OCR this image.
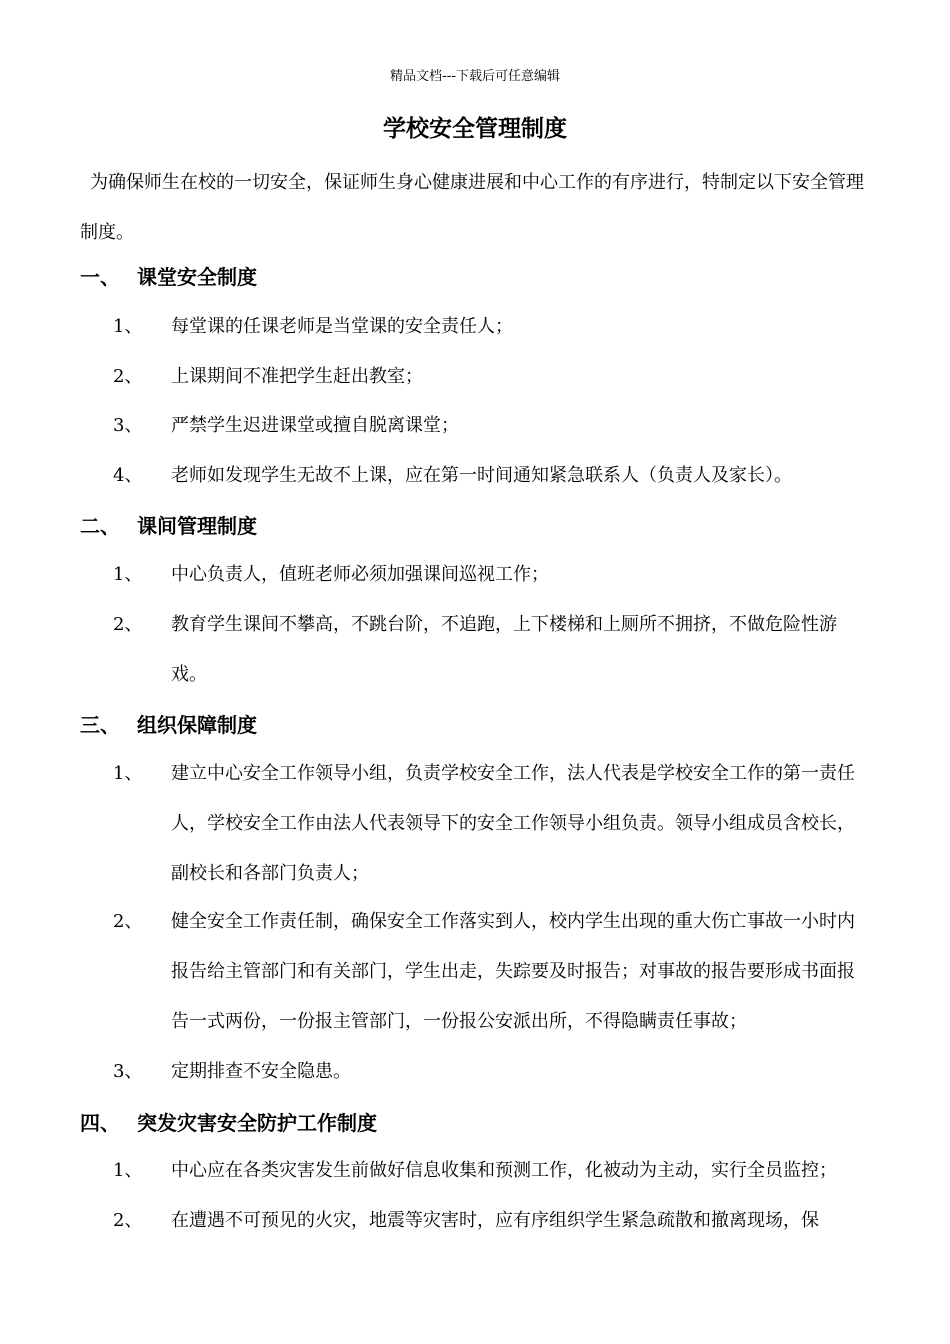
精品文档---下载后可任意编辑
学校安全管理制度
为确保师生在校的一切安全，保证师生身心健康进展和中心工作的有序进行，特制定以下安全管理制度。
一、 课堂安全制度
1、	每堂课的任课老师是当堂课的安全责任人；
2、	上课期间不准把学生赶出教室；
3、	严禁学生迟进课堂或擅自脱离课堂；
4、	老师如发现学生无故不上课，应在第一时间通知紧急联系人（负责人及家长）。
二、 课间管理制度
1、	中心负责人，值班老师必须加强课间巡视工作；
2、	教育学生课间不攀高，不跳台阶，不追跑，上下楼梯和上厕所不拥挤，不做危险性游戏。
三、 组织保障制度
1、	建立中心安全工作领导小组，负责学校安全工作，法人代表是学校安全工作的第一责任人，学校安全工作由法人代表领导下的安全工作领导小组负责。领导小组成员含校长，副校长和各部门负责人；
2、	健全安全工作责任制，确保安全工作落实到人，校内学生出现的重大伤亡事故一小时内报告给主管部门和有关部门，学生出走，失踪要及时报告；对事故的报告要形成书面报告一式两份，一份报主管部门，一份报公安派出所，不得隐瞒责任事故；
3、	定期排查不安全隐患。
四、 突发灾害安全防护工作制度
1、	中心应在各类灾害发生前做好信息收集和预测工作，化被动为主动，实行全员监控；
2、	在遭遇不可预见的火灾，地震等灾害时，应有序组织学生紧急疏散和撤离现场，保
